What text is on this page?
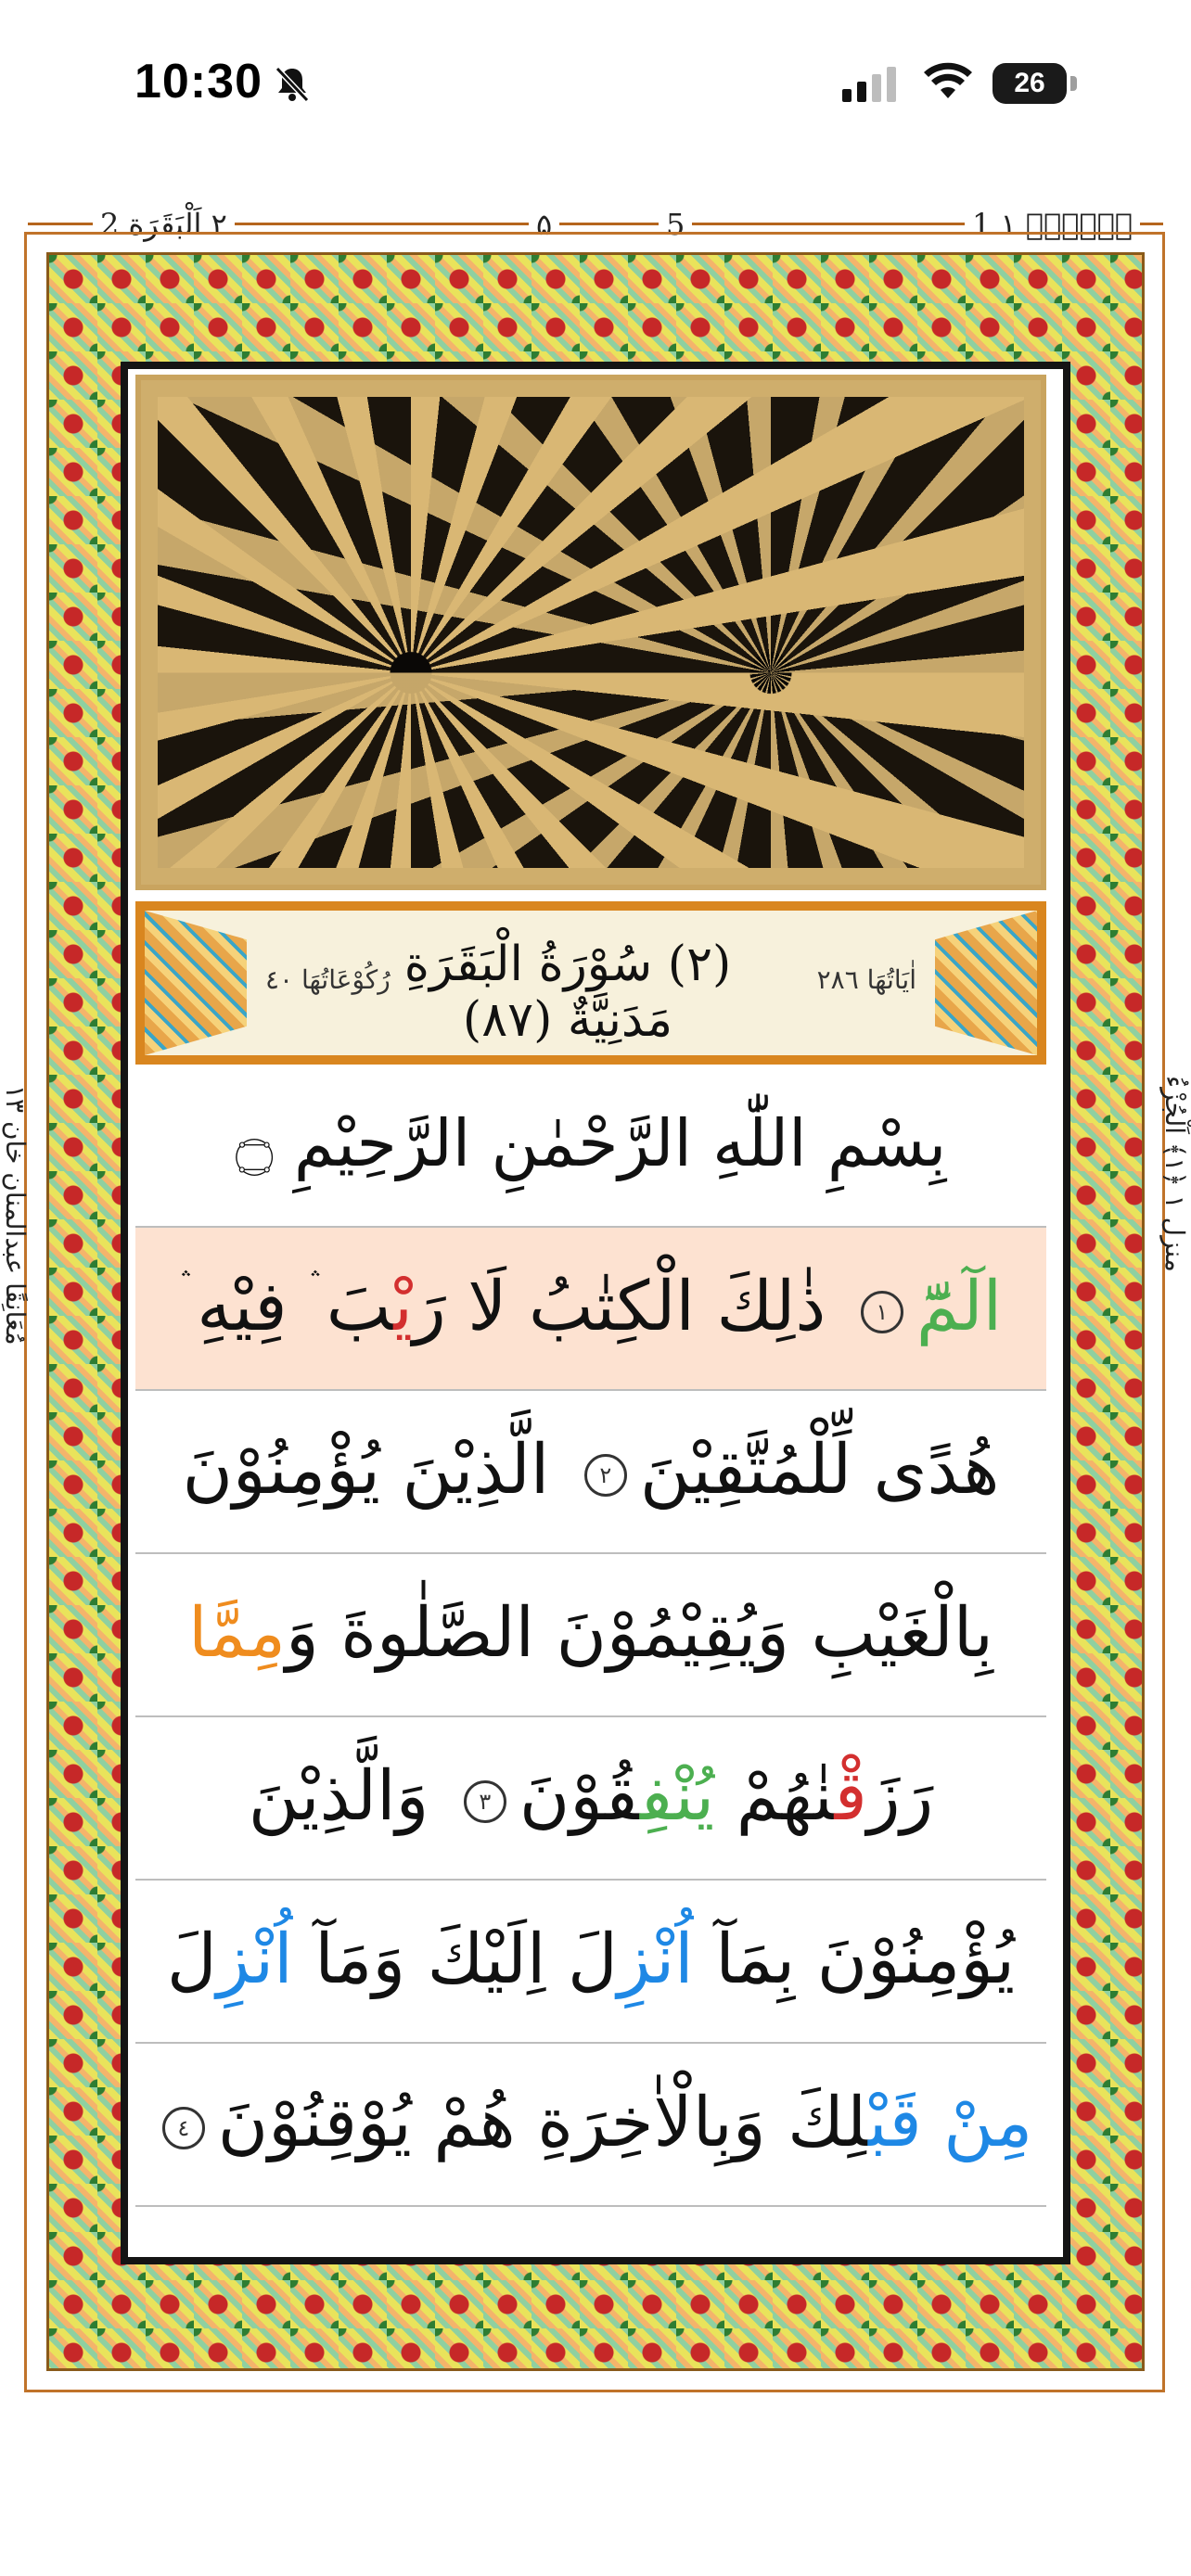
10:30	26
٢ اَلْبَقَرَة 2	۵	5	اۤلۤمۤ ١ 1
مُعَانِقًا عبدالمنان خان ١٣	منزل ١ ﴿١﴾ اَلْجُزْءُ
رُكُوْعَاتُهَا ٤٠ (٢) سُوْرَةُ الْبَقَرَةِ مَدَنِيَّةٌ (٨٧)
اٰيَاتُهَا ٢٨٦
بِسْمِ اللّٰهِ الرَّحْمٰنِ الرَّحِیْمِ ۝
الٓمّٓ١ ذٰلِكَ الْكِتٰبُ لَا رَیْبَ ۛ فِیْهِ ۛ
هُدًى لِّلْمُتَّقِیْنَ٢ الَّذِیْنَ یُؤْمِنُوْنَ
بِالْغَیْبِ وَیُقِیْمُوْنَ الصَّلٰوةَ وَمِمَّا
رَزَقْنٰهُمْ یُنْفِقُوْنَ٣ وَالَّذِیْنَ
یُؤْمِنُوْنَ بِمَآ اُنْزِلَ اِلَیْكَ وَمَآ اُنْزِلَ
مِنْ قَبْلِكَ وَبِالْاٰخِرَةِ هُمْ یُوْقِنُوْنَ٤
